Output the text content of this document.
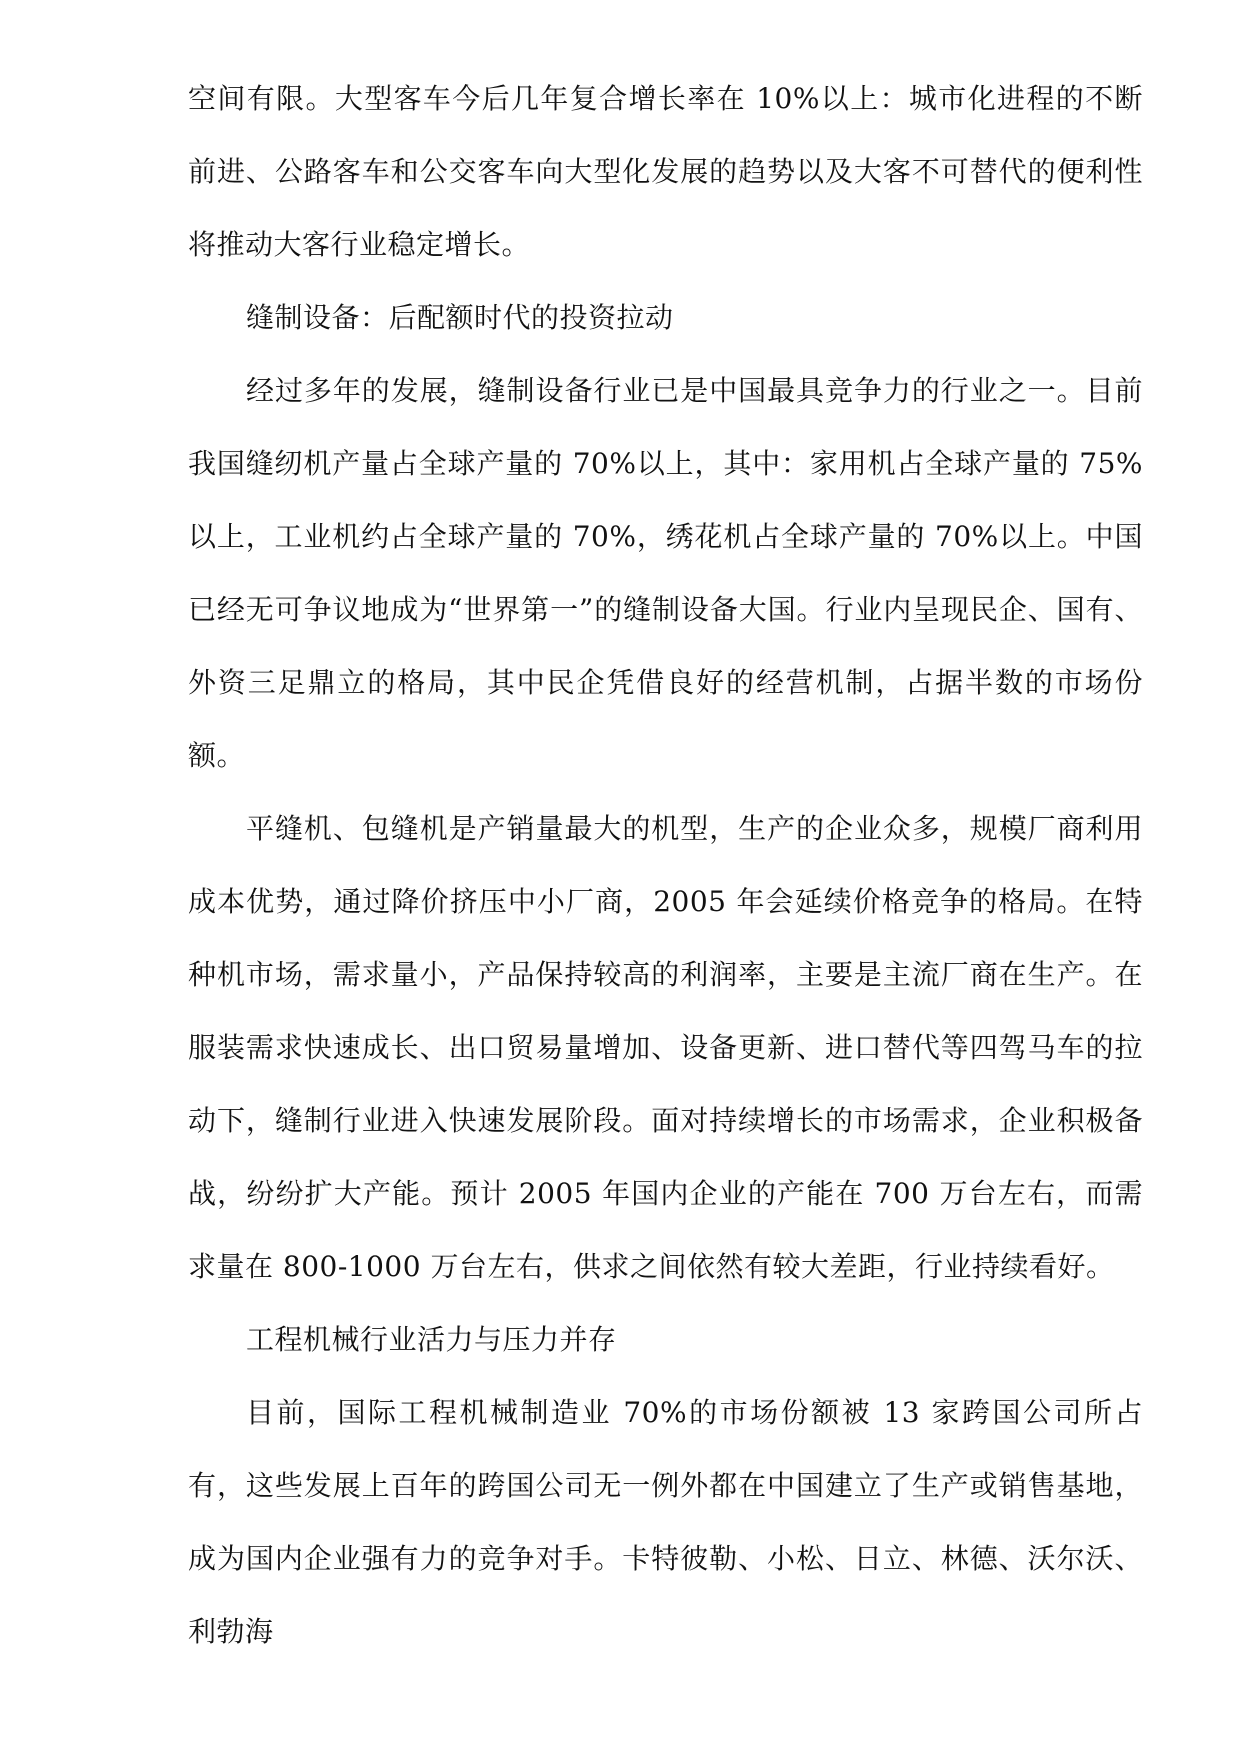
空间有限。大型客车今后几年复合增长率在 10%以上：城市化进程的不断前进、公路客车和公交客车向大型化发展的趋势以及大客不可替代的便利性将推动大客行业稳定增长。

缝制设备：后配额时代的投资拉动

经过多年的发展，缝制设备行业已是中国最具竞争力的行业之一。目前我国缝纫机产量占全球产量的 70%以上，其中：家用机占全球产量的 75%以上，工业机约占全球产量的 70%，绣花机占全球产量的 70%以上。中国已经无可争议地成为“世界第一”的缝制设备大国。行业内呈现民企、国有、外资三足鼎立的格局，其中民企凭借良好的经营机制，占据半数的市场份额。

平缝机、包缝机是产销量最大的机型，生产的企业众多，规模厂商利用成本优势，通过降价挤压中小厂商，2005 年会延续价格竞争的格局。在特种机市场，需求量小，产品保持较高的利润率，主要是主流厂商在生产。在服装需求快速成长、出口贸易量增加、设备更新、进口替代等四驾马车的拉动下，缝制行业进入快速发展阶段。面对持续增长的市场需求，企业积极备战，纷纷扩大产能。预计 2005 年国内企业的产能在 700 万台左右，而需求量在 800-1000 万台左右，供求之间依然有较大差距，行业持续看好。

工程机械行业活力与压力并存

目前，国际工程机械制造业 70%的市场份额被 13 家跨国公司所占有，这些发展上百年的跨国公司无一例外都在中国建立了生产或销售基地，成为国内企业强有力的竞争对手。卡特彼勒、小松、日立、林德、沃尔沃、利勃海
